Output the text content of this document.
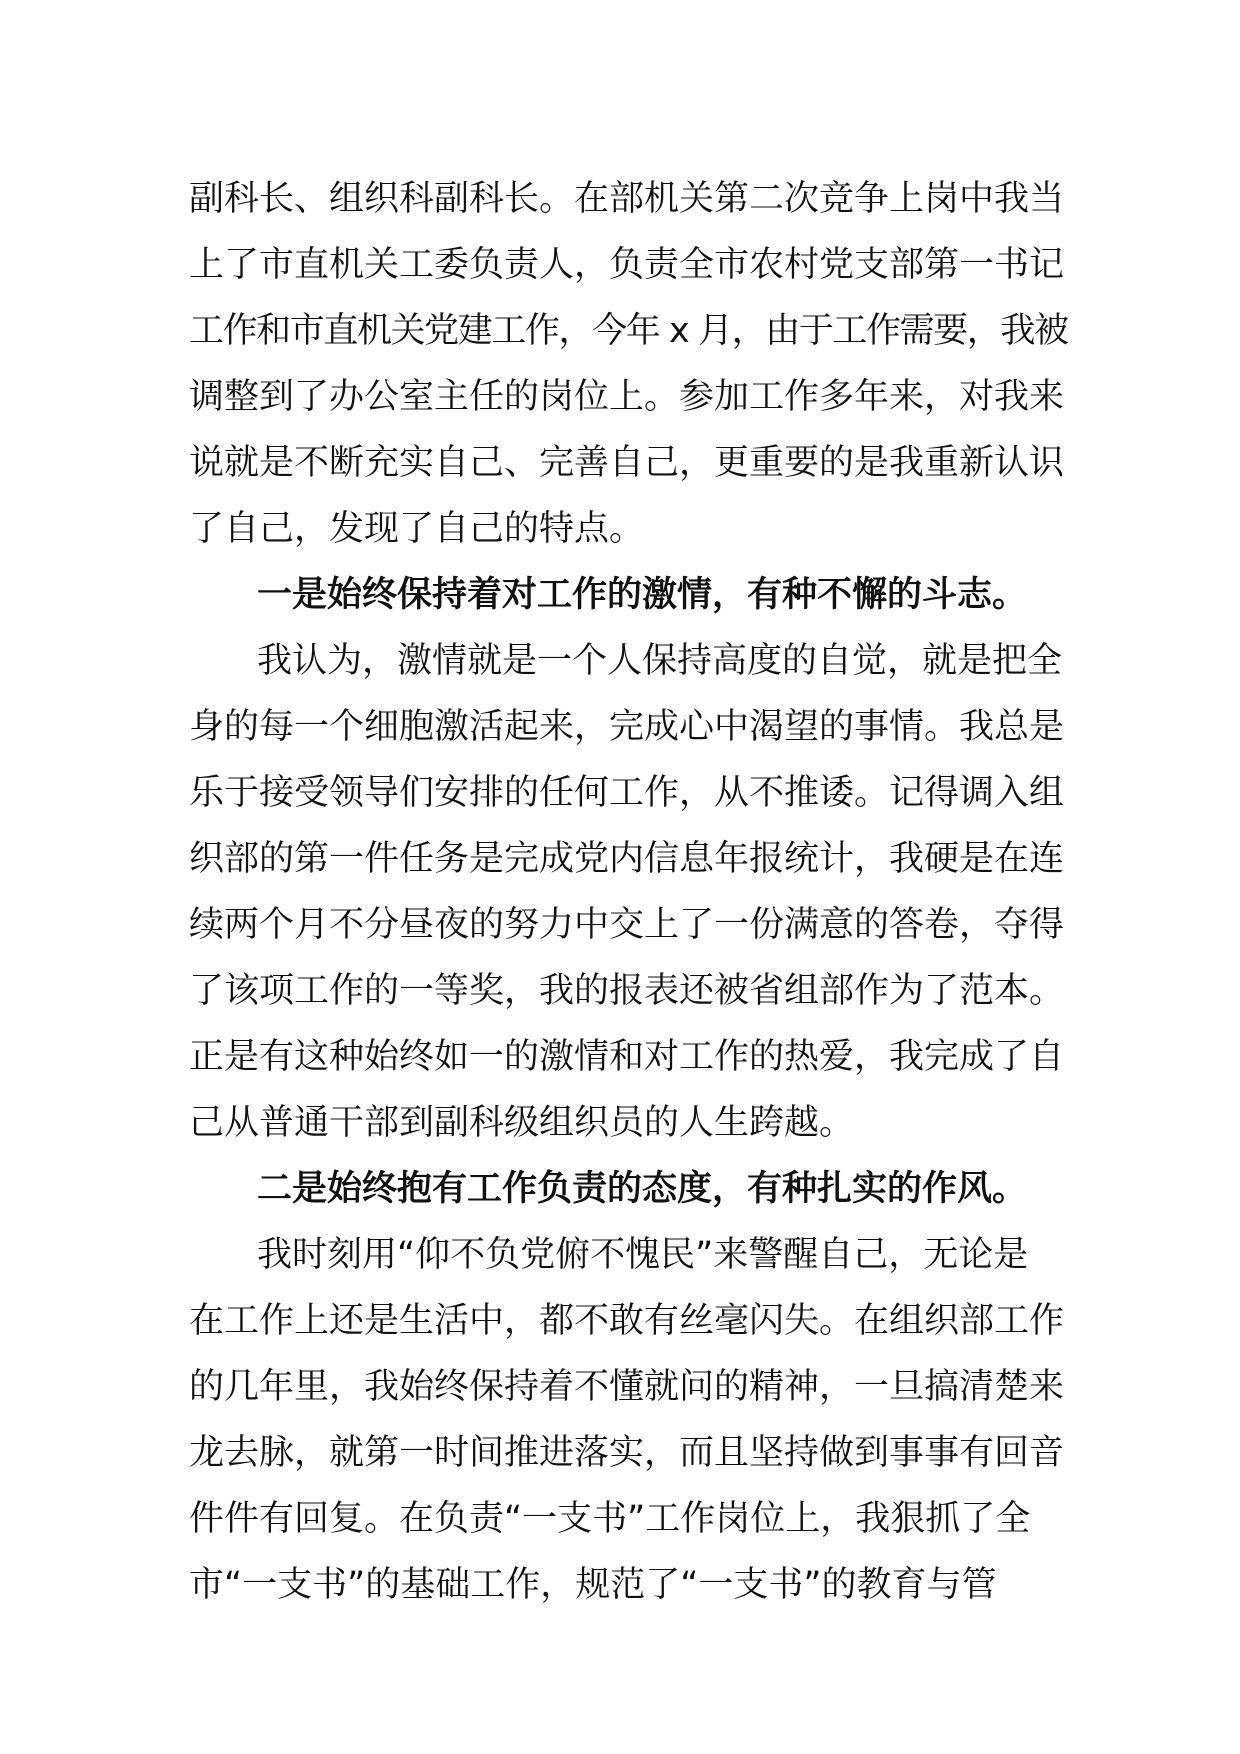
副科长、组织科副科长。在部机关第二次竞争上岗中我当
上了市直机关工委负责人，负责全市农村党支部第一书记
工作和市直机关党建工作，今年 x 月，由于工作需要，我被
调整到了办公室主任的岗位上。参加工作多年来，对我来
说就是不断充实自己、完善自己，更重要的是我重新认识
了自己，发现了自己的特点。
一是始终保持着对工作的激情，有种不懈的斗志。
我认为，激情就是一个人保持高度的自觉，就是把全
身的每一个细胞激活起来，完成心中渴望的事情。我总是
乐于接受领导们安排的任何工作，从不推诿。记得调入组
织部的第一件任务是完成党内信息年报统计，我硬是在连
续两个月不分昼夜的努力中交上了一份满意的答卷，夺得
了该项工作的一等奖，我的报表还被省组部作为了范本。
正是有这种始终如一的激情和对工作的热爱，我完成了自
己从普通干部到副科级组织员的人生跨越。
二是始终抱有工作负责的态度，有种扎实的作风。
我时刻用“仰不负党俯不愧民”来警醒自己，无论是
在工作上还是生活中，都不敢有丝毫闪失。在组织部工作
的几年里，我始终保持着不懂就问的精神，一旦搞清楚来
龙去脉，就第一时间推进落实，而且坚持做到事事有回音
件件有回复。在负责“一支书”工作岗位上，我狠抓了全
市“一支书”的基础工作，规范了“一支书”的教育与管
